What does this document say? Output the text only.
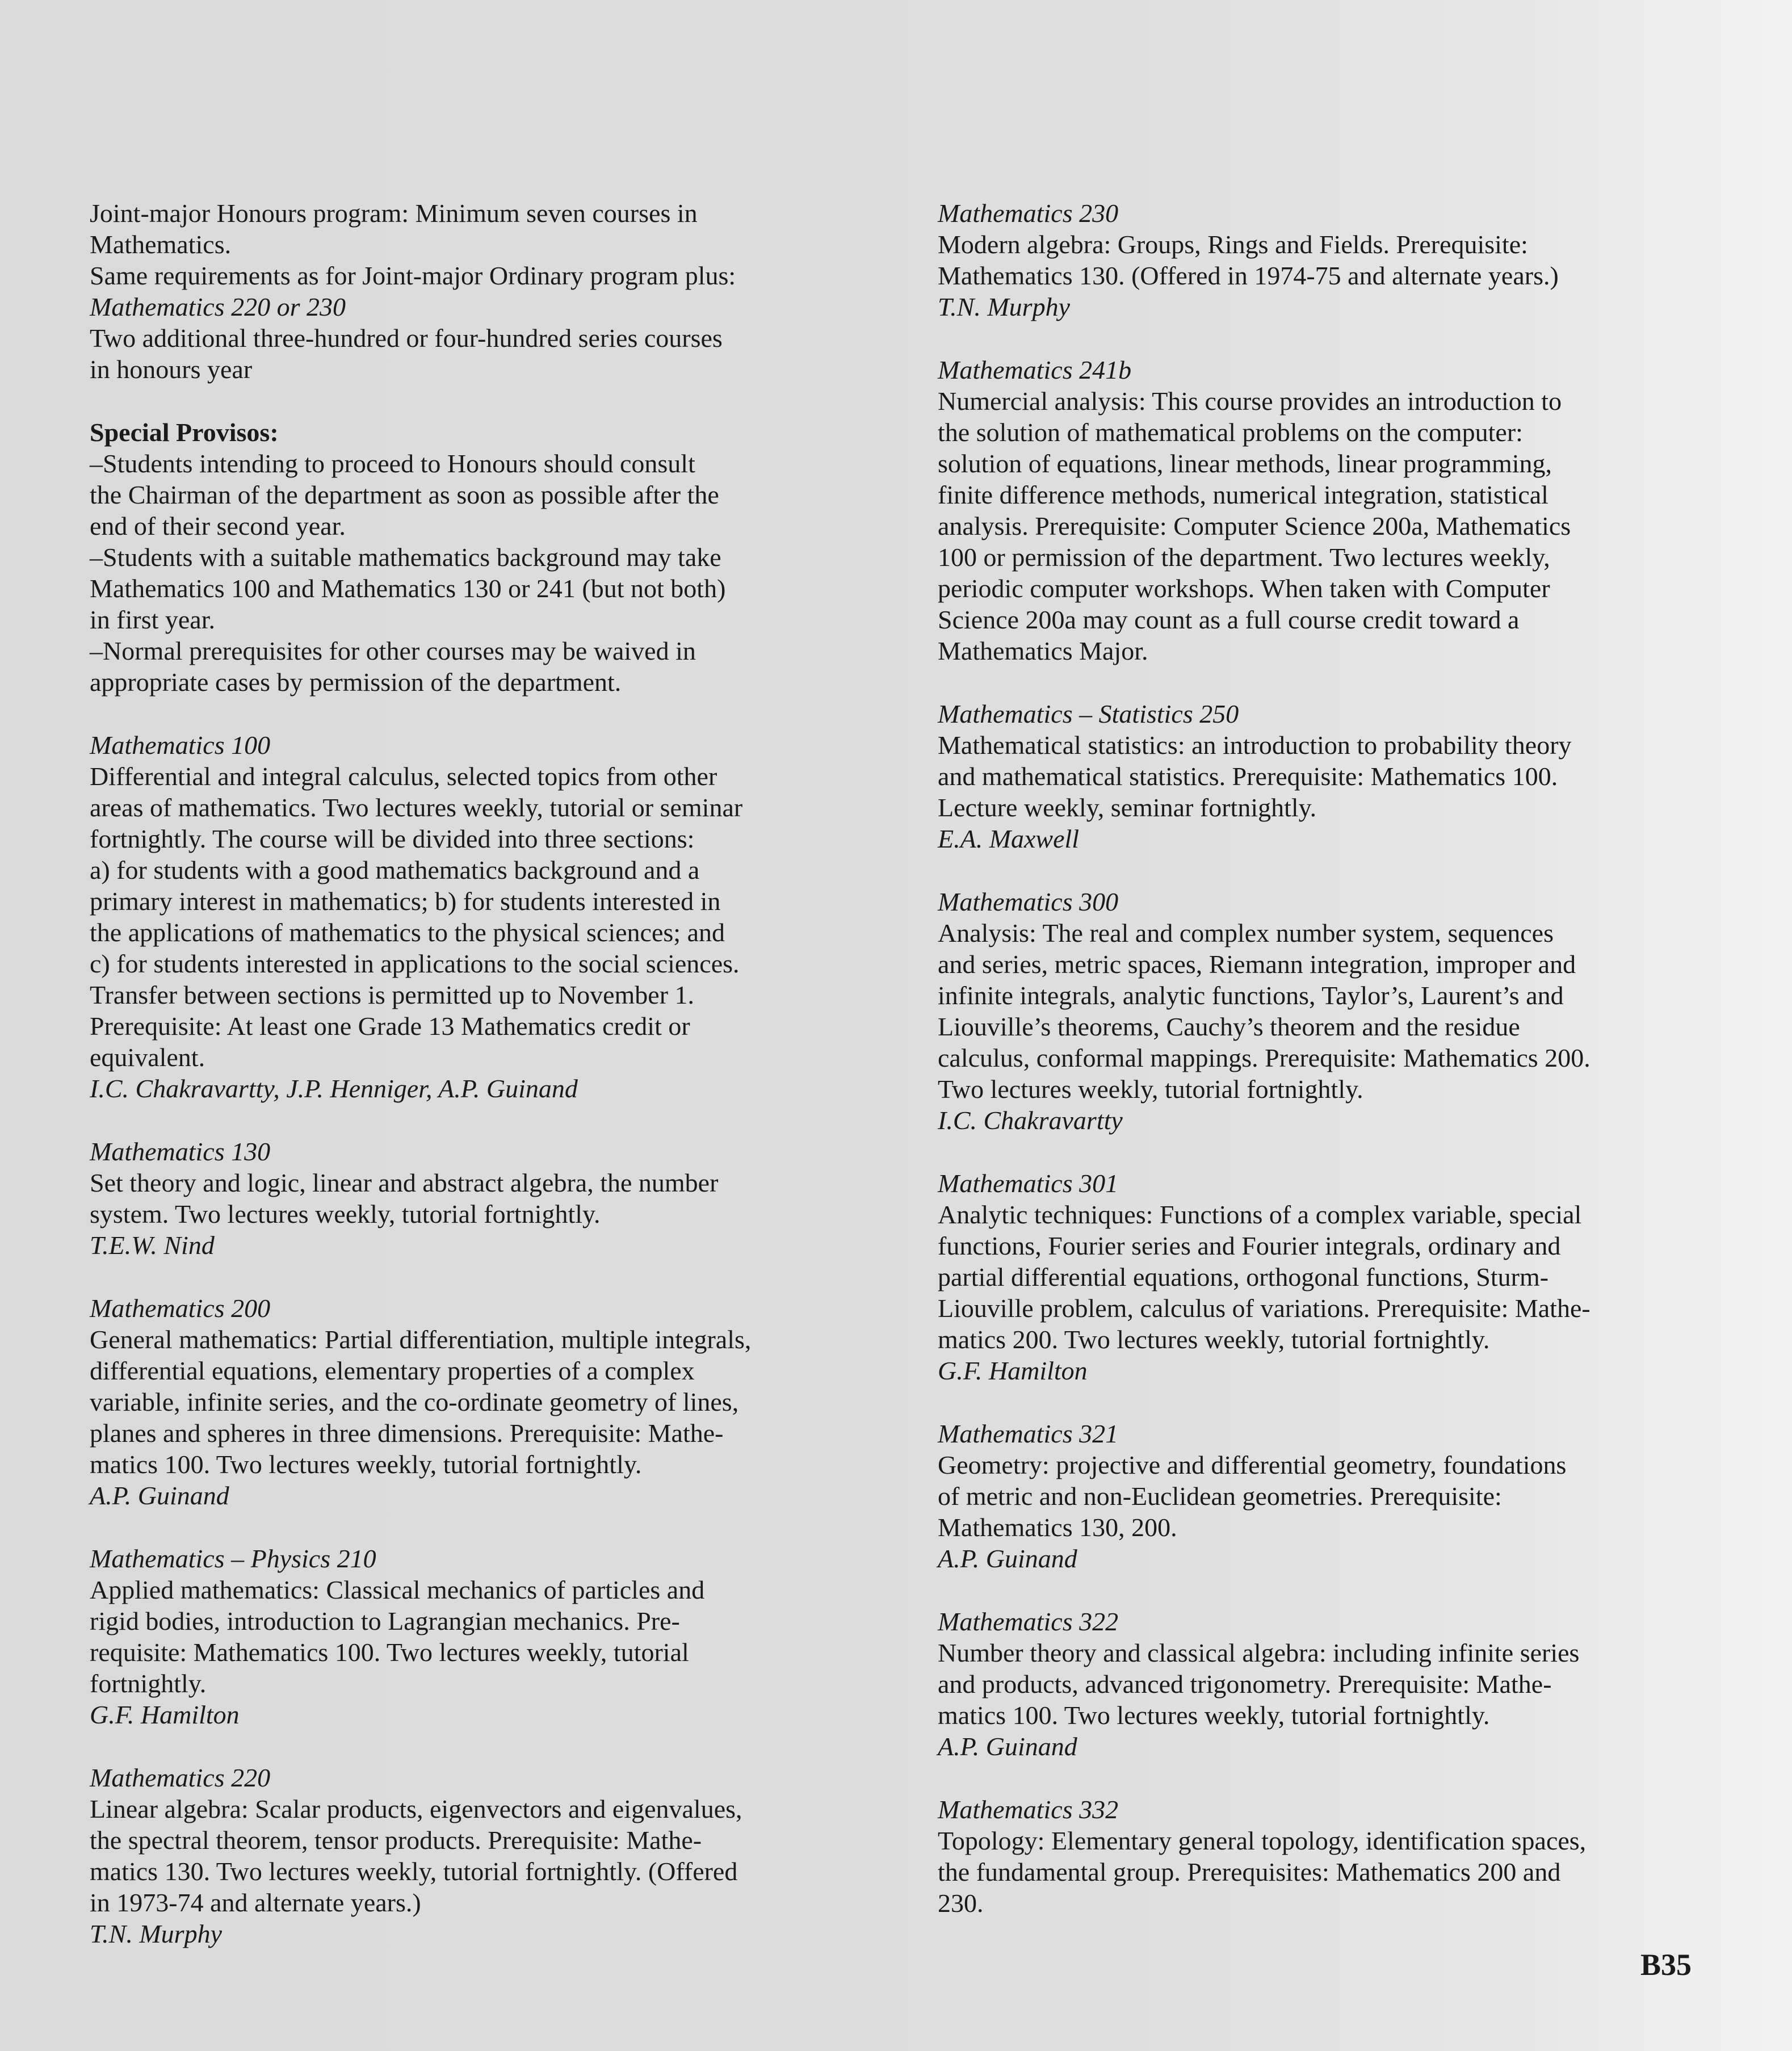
Joint-major Honours program: Minimum seven courses in

Mathematics.

Same requirements as for Joint-major Ordinary program plus:

Mathematics 220 or 230

Two additional three-hundred or four-hundred series courses

in honours year

Special Provisos:

–Students intending to proceed to Honours should consult

the Chairman of the department as soon as possible after the

end of their second year.

–Students with a suitable mathematics background may take

Mathematics 100 and Mathematics 130 or 241 (but not both)

in first year.

–Normal prerequisites for other courses may be waived in

appropriate cases by permission of the department.

Mathematics 100

Differential and integral calculus, selected topics from other

areas of mathematics. Two lectures weekly, tutorial or seminar

fortnightly. The course will be divided into three sections:

a) for students with a good mathematics background and a

primary interest in mathematics; b) for students interested in

the applications of mathematics to the physical sciences; and

c) for students interested in applications to the social sciences.

Transfer between sections is permitted up to November 1.

Prerequisite: At least one Grade 13 Mathematics credit or

equivalent.

I.C. Chakravartty, J.P. Henniger, A.P. Guinand

Mathematics 130

Set theory and logic, linear and abstract algebra, the number

system. Two lectures weekly, tutorial fortnightly.

T.E.W. Nind

Mathematics 200

General mathematics: Partial differentiation, multiple integrals,

differential equations, elementary properties of a complex

variable, infinite series, and the co-ordinate geometry of lines,

planes and spheres in three dimensions. Prerequisite: Mathe-

matics 100. Two lectures weekly, tutorial fortnightly.

A.P. Guinand

Mathematics – Physics 210

Applied mathematics: Classical mechanics of particles and

rigid bodies, introduction to Lagrangian mechanics. Pre-

requisite: Mathematics 100. Two lectures weekly, tutorial

fortnightly.

G.F. Hamilton

Mathematics 220

Linear algebra: Scalar products, eigenvectors and eigenvalues,

the spectral theorem, tensor products. Prerequisite: Mathe-

matics 130. Two lectures weekly, tutorial fortnightly. (Offered

in 1973-74 and alternate years.)

T.N. Murphy

Mathematics 230

Modern algebra: Groups, Rings and Fields. Prerequisite:

Mathematics 130. (Offered in 1974-75 and alternate years.)

T.N. Murphy

Mathematics 241b

Numercial analysis: This course provides an introduction to

the solution of mathematical problems on the computer:

solution of equations, linear methods, linear programming,

finite difference methods, numerical integration, statistical

analysis. Prerequisite: Computer Science 200a, Mathematics

100 or permission of the department. Two lectures weekly,

periodic computer workshops. When taken with Computer

Science 200a may count as a full course credit toward a

Mathematics Major.

Mathematics – Statistics 250

Mathematical statistics: an introduction to probability theory

and mathematical statistics. Prerequisite: Mathematics 100.

Lecture weekly, seminar fortnightly.

E.A. Maxwell

Mathematics 300

Analysis: The real and complex number system, sequences

and series, metric spaces, Riemann integration, improper and

infinite integrals, analytic functions, Taylor’s, Laurent’s and

Liouville’s theorems, Cauchy’s theorem and the residue

calculus, conformal mappings. Prerequisite: Mathematics 200.

Two lectures weekly, tutorial fortnightly.

I.C. Chakravartty

Mathematics 301

Analytic techniques: Functions of a complex variable, special

functions, Fourier series and Fourier integrals, ordinary and

partial differential equations, orthogonal functions, Sturm-

Liouville problem, calculus of variations. Prerequisite: Mathe-

matics 200. Two lectures weekly, tutorial fortnightly.

G.F. Hamilton

Mathematics 321

Geometry: projective and differential geometry, foundations

of metric and non-Euclidean geometries. Prerequisite:

Mathematics 130, 200.

A.P. Guinand

Mathematics 322

Number theory and classical algebra: including infinite series

and products, advanced trigonometry. Prerequisite: Mathe-

matics 100. Two lectures weekly, tutorial fortnightly.

A.P. Guinand

Mathematics 332

Topology: Elementary general topology, identification spaces,

the fundamental group. Prerequisites: Mathematics 200 and

230.

B35
